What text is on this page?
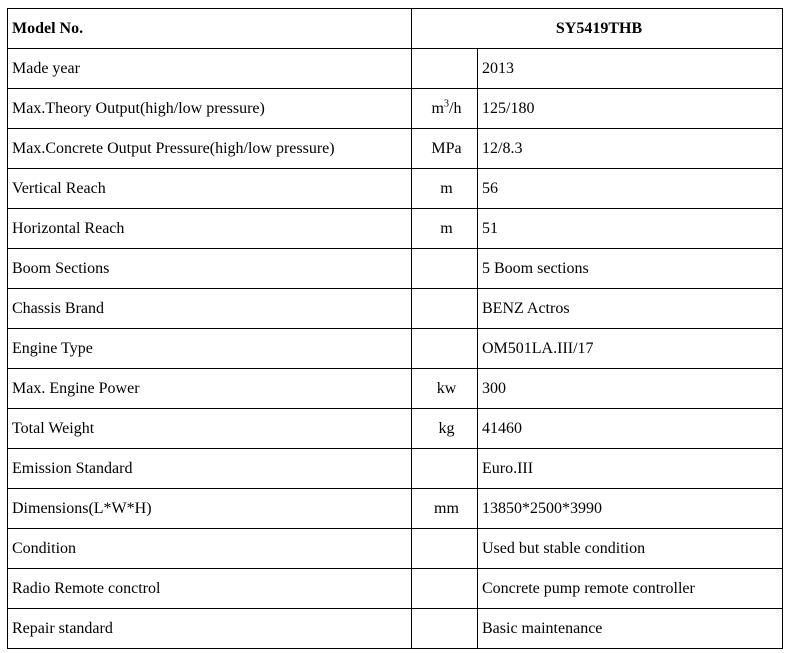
Model No.	SY5419THB	
Made year		2013
Max.Theory Output(high/low pressure)	$m^3/h$	125/180
Max.Concrete Output Pressure(high/low pressure)	MPa	12/8.3
Vertical Reach	m	56
Horizontal Reach	m	51
Boom Sections		5 Boom sections
Chassis Brand		BENZ Actros
Engine Type		OM501LA.III/17
Max. Engine Power	kw	300
Total Weight	kg	41460
Emission Standard		Euro.III
Dimensions(L*W*H)	mm	13850*2500*3990
Condition		Used but stable condition
Radio Remote conctrol		Concrete pump remote controller
Repair standard		Basic maintenance
